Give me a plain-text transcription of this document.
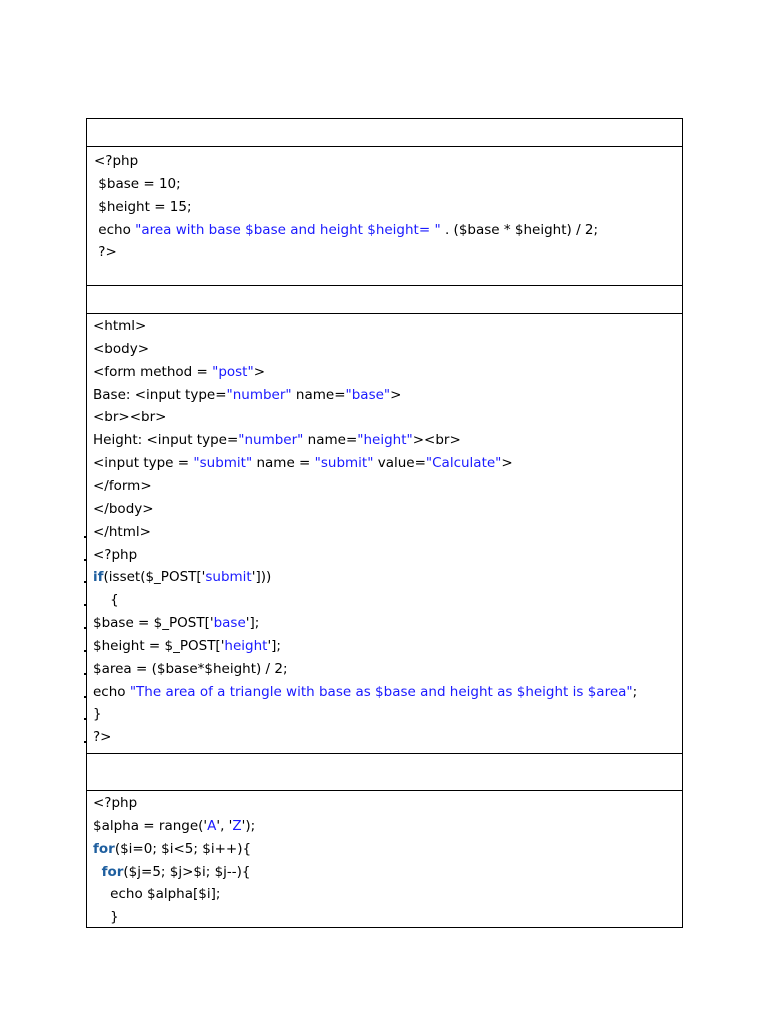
<?php
$base = 10;
$height = 15;
echo "area with base $base and height $height= " . ($base * $height) / 2;
?>
<html>
<body>
<form method = "post">
Base: <input type="number" name="base">
<br><br>
Height: <input type="number" name="height"><br>
<input type = "submit" name = "submit" value="Calculate">
</form>
</body>
</html>
<?php
if(isset($_POST['submit']))
{
$base = $_POST['base'];
$height = $_POST['height'];
$area = ($base*$height) / 2;
echo "The area of a triangle with base as $base and height as $height is $area";
}
?>
<?php
$alpha = range('A', 'Z');
for($i=0; $i<5; $i++){
for($j=5; $j>$i; $j--){
echo $alpha[$i];
}
